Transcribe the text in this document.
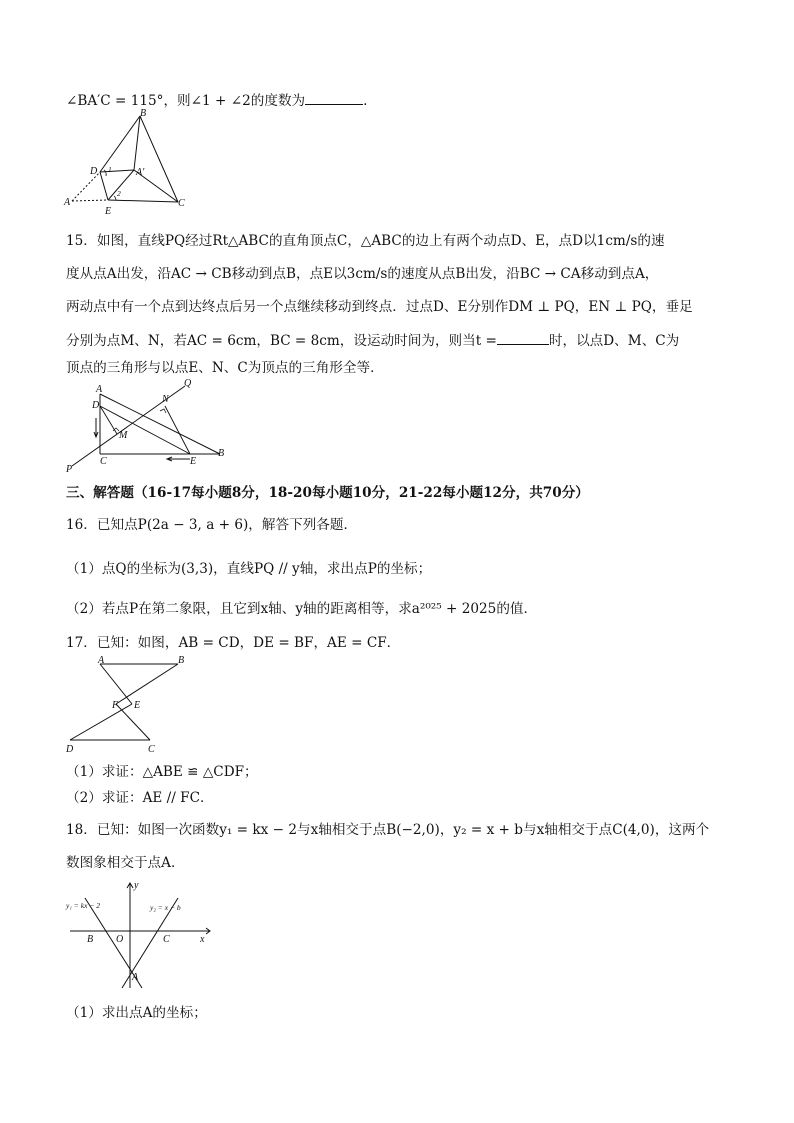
∠BA′C = 115°，则∠1 + ∠2的度数为	.
B
D 1 A′
2
A
E
C
15．如图，直线PQ经过Rt△ABC的直角顶点C，△ABC的边上有两个动点D、E，点D以1cm/s的速
度从点A出发，沿AC → CB移动到点B，点E以3cm/s的速度从点B出发，沿BC → CA移动到点A，
两动点中有一个点到达终点后另一个点继续移动到终点．过点D、E分别作DM ⊥ PQ，EN ⊥ PQ，垂足
分别为点M、N，若AC = 6cm，BC = 8cm，设运动时间为，则当t =	时，以点D、M、C为
顶点的三角形与以点E、N、C为顶点的三角形全等．
A
Q
D
N
M
P
C	E
B
三、解答题（16-17每小题8分，18-20每小题10分，21-22每小题12分，共70分）
16．已知点P(2a − 3, a + 6)，解答下列各题．
（1）点Q的坐标为(3,3)，直线PQ // y轴，求出点P的坐标；
（2）若点P在第二象限，且它到x轴、y轴的距离相等，求a²⁰²⁵ + 2025的值．
17．已知：如图，AB = CD，DE = BF，AE = CF．
A	B
F E
D	C
（1）求证：△ABE ≌ △CDF；
（2）求证：AE // FC．
18．已知：如图一次函数y₁ = kx − 2与x轴相交于点B(−2,0)，y₂ = x + b与x轴相交于点C(4,0)，这两个
数图象相交于点A．
y
y₁ = kx − 2	y₂ = x − b
B O	C	x
A
（1）求出点A的坐标；
